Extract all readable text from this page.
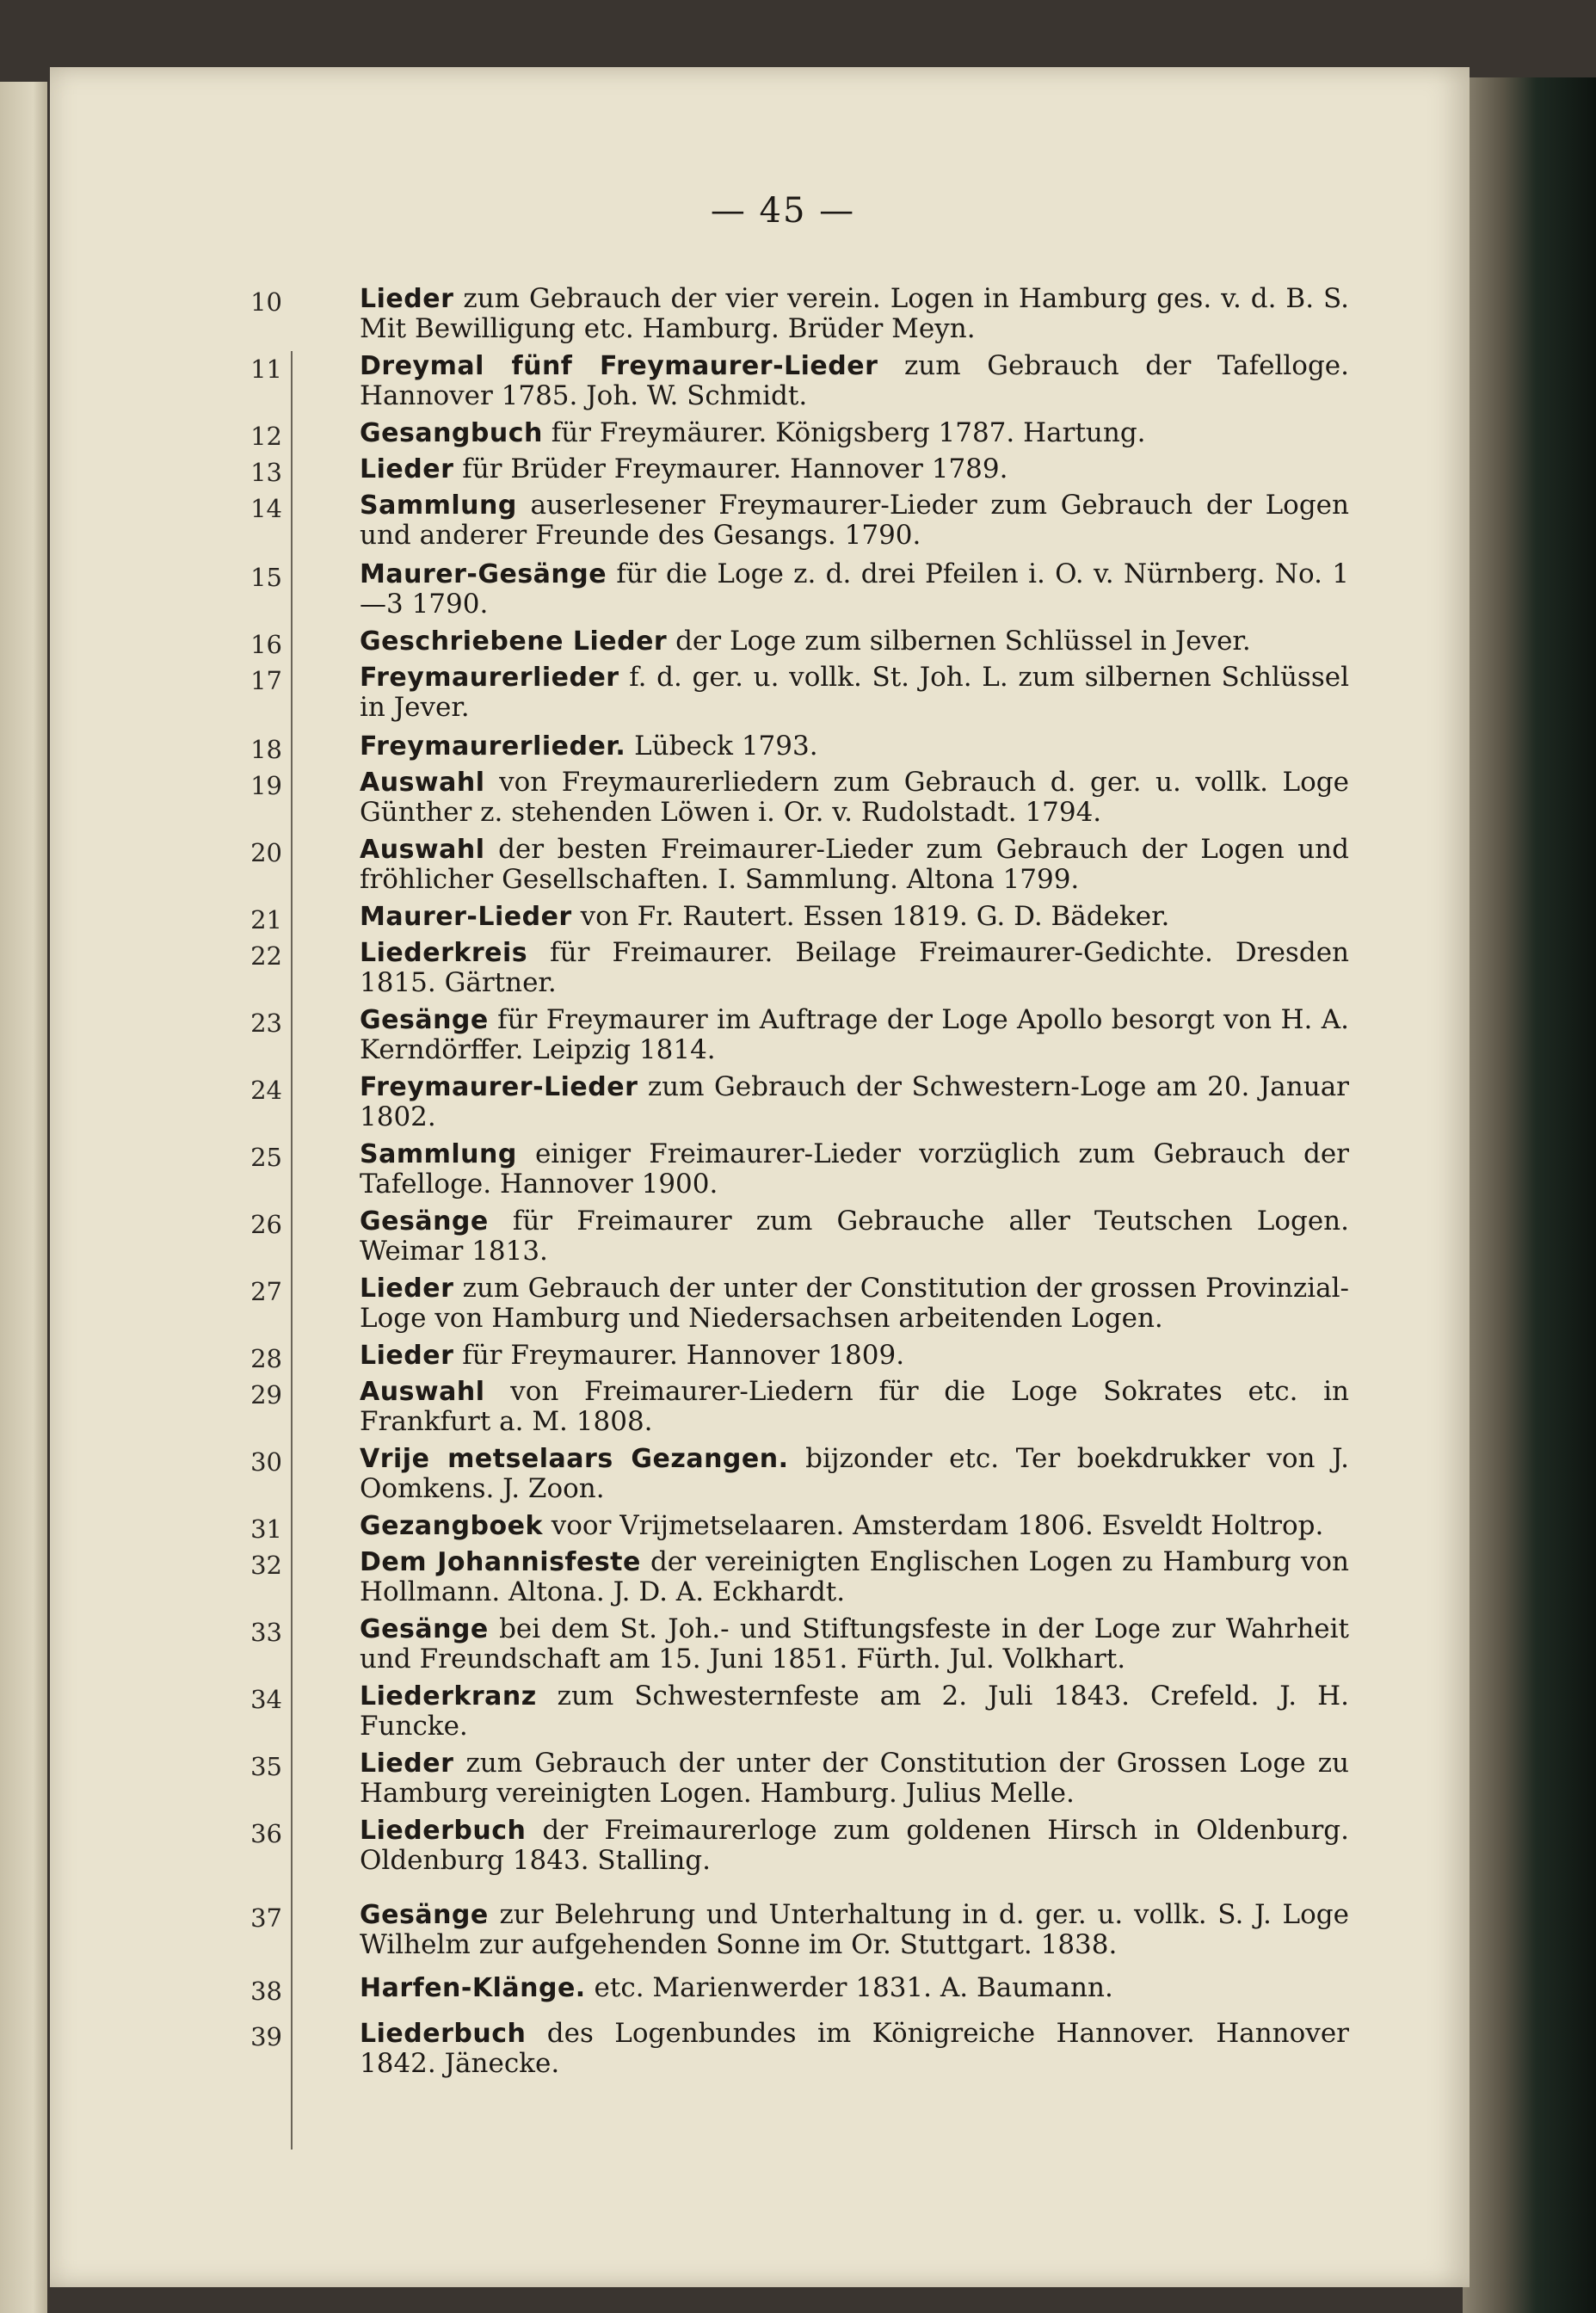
— 45 —
10	Lieder zum Gebrauch der vier verein. Logen in Hamburg ges. v. d. B. S. Mit Bewilligung etc. Hamburg. Brüder Meyn.
11	Dreymal fünf Freymaurer-Lieder zum Gebrauch der Tafelloge. Hannover 1785. Joh. W. Schmidt.
12	Gesangbuch für Freymäurer. Königsberg 1787. Hartung.
13	Lieder für Brüder Freymaurer. Hannover 1789.
14	Sammlung auserlesener Freymaurer-Lieder zum Gebrauch der Logen und anderer Freunde des Gesangs. 1790.
15	Maurer-Gesänge für die Loge z. d. drei Pfeilen i. O. v. Nürnberg. No. 1—3 1790.
16	Geschriebene Lieder der Loge zum silbernen Schlüssel in Jever.
17	Freymaurerlieder f. d. ger. u. vollk. St. Joh. L. zum silbernen Schlüssel in Jever.
18	Freymaurerlieder. Lübeck 1793.
19	Auswahl von Freymaurerliedern zum Gebrauch d. ger. u. vollk. Loge Günther z. stehenden Löwen i. Or. v. Rudolstadt. 1794.
20	Auswahl der besten Freimaurer-Lieder zum Gebrauch der Logen und fröhlicher Gesellschaften. I. Sammlung. Altona 1799.
21	Maurer-Lieder von Fr. Rautert. Essen 1819. G. D. Bädeker.
22	Liederkreis für Freimaurer. Beilage Freimaurer-Gedichte. Dresden 1815. Gärtner.
23	Gesänge für Freymaurer im Auftrage der Loge Apollo besorgt von H. A. Kerndörffer. Leipzig 1814.
24	Freymaurer-Lieder zum Gebrauch der Schwestern-Loge am 20. Januar 1802.
25	Sammlung einiger Freimaurer-Lieder vorzüglich zum Gebrauch der Tafelloge. Hannover 1900.
26	Gesänge für Freimaurer zum Gebrauche aller Teutschen Logen. Weimar 1813.
27	Lieder zum Gebrauch der unter der Constitution der grossen Provinzial-Loge von Hamburg und Niedersachsen arbeitenden Logen.
28	Lieder für Freymaurer. Hannover 1809.
29	Auswahl von Freimaurer-Liedern für die Loge Sokrates etc. in Frankfurt a. M. 1808.
30	Vrije metselaars Gezangen. bijzonder etc. Ter boekdrukker von J. Oomkens. J. Zoon.
31	Gezangboek voor Vrijmetselaaren. Amsterdam 1806. Esveldt Holtrop.
32	Dem Johannisfeste der vereinigten Englischen Logen zu Hamburg von Hollmann. Altona. J. D. A. Eckhardt.
33	Gesänge bei dem St. Joh.- und Stiftungsfeste in der Loge zur Wahrheit und Freundschaft am 15. Juni 1851. Fürth. Jul. Volkhart.
34	Liederkranz zum Schwesternfeste am 2. Juli 1843. Crefeld. J. H. Funcke.
35	Lieder zum Gebrauch der unter der Constitution der Grossen Loge zu Hamburg vereinigten Logen. Hamburg. Julius Melle.
36	Liederbuch der Freimaurerloge zum goldenen Hirsch in Oldenburg. Oldenburg 1843. Stalling.
37	Gesänge zur Belehrung und Unterhaltung in d. ger. u. vollk. S. J. Loge Wilhelm zur aufgehenden Sonne im Or. Stuttgart. 1838.
38	Harfen-Klänge. etc. Marienwerder 1831. A. Baumann.
39	Liederbuch des Logenbundes im Königreiche Hannover. Hannover 1842. Jänecke.
